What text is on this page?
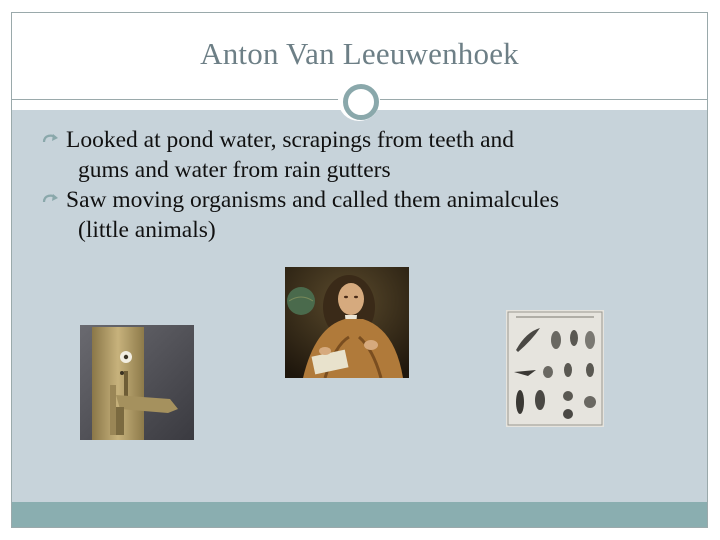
Anton Van Leeuwenhoek
Looked at pond water, scrapings from teeth and
gums and water from rain gutters
Saw moving organisms and called them animalcules
(little animals)
